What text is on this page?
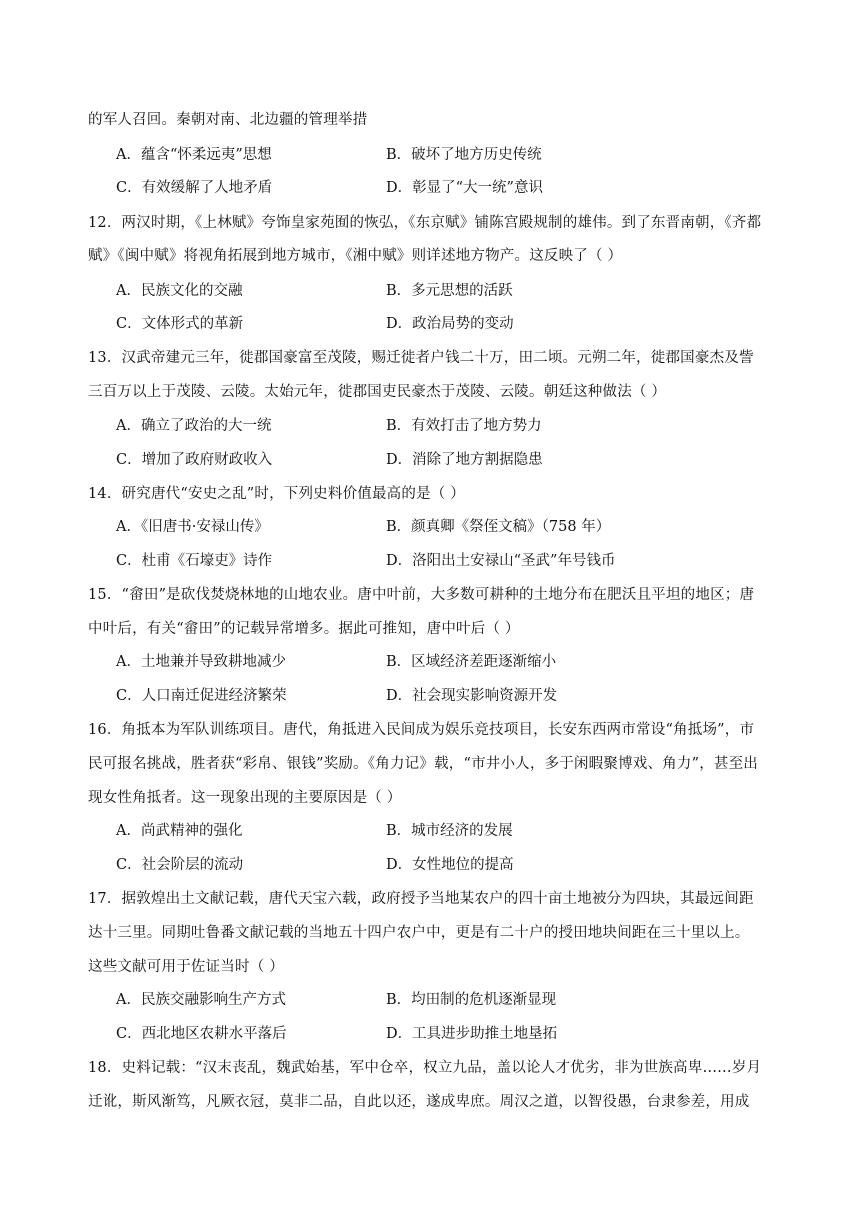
的军人召回。秦朝对南、北边疆的管理举措
A．蕴含“怀柔远夷”思想	B．破坏了地方历史传统
C．有效缓解了人地矛盾	D．彰显了“大一统”意识
12．两汉时期，《上林赋》夸饰皇家苑囿的恢弘，《东京赋》铺陈宫殿规制的雄伟。到了东晋南朝，《齐都
赋》《闽中赋》将视角拓展到地方城市，《湘中赋》则详述地方物产。这反映了（ ）
A．民族文化的交融	B．多元思想的活跃
C．文体形式的革新	D．政治局势的变动
13．汉武帝建元三年，徙郡国豪富至茂陵，赐迁徙者户钱二十万，田二顷。元朔二年，徙郡国豪杰及訾
三百万以上于茂陵、云陵。太始元年，徙郡国吏民豪杰于茂陵、云陵。朝廷这种做法（ ）
A．确立了政治的大一统	B．有效打击了地方势力
C．增加了政府财政收入	D．消除了地方割据隐患
14．研究唐代“安史之乱”时，下列史料价值最高的是（ ）
A．《旧唐书·安禄山传》	B．颜真卿《祭侄文稿》（758 年）
C．杜甫《石壕吏》诗作	D．洛阳出土安禄山“圣武”年号钱币
15．“畲田”是砍伐焚烧林地的山地农业。唐中叶前，大多数可耕种的土地分布在肥沃且平坦的地区；唐
中叶后，有关“畲田”的记载异常增多。据此可推知，唐中叶后（ ）
A．土地兼并导致耕地减少	B．区域经济差距逐渐缩小
C．人口南迁促进经济繁荣	D．社会现实影响资源开发
16．角抵本为军队训练项目。唐代，角抵进入民间成为娱乐竞技项目，长安东西两市常设“角抵场”，市
民可报名挑战，胜者获“彩帛、银钱”奖励。《角力记》载，“市井小人，多于闲暇聚博戏、角力”，甚至出
现女性角抵者。这一现象出现的主要原因是（ ）
A．尚武精神的强化	B．城市经济的发展
C．社会阶层的流动	D．女性地位的提高
17．据敦煌出土文献记载，唐代天宝六载，政府授予当地某农户的四十亩土地被分为四块，其最远间距
达十三里。同期吐鲁番文献记载的当地五十四户农户中，更是有二十户的授田地块间距在三十里以上。
这些文献可用于佐证当时（ ）
A．民族交融影响生产方式	B．均田制的危机逐渐显现
C．西北地区农耕水平落后	D．工具进步助推土地垦拓
18．史料记载：“汉末丧乱，魏武始基，军中仓卒，权立九品，盖以论人才优劣，非为世族高卑……岁月
迁讹，斯风渐笃，凡厥衣冠，莫非二品，自此以还，遂成卑庶。周汉之道，以智役愚，台隶参差，用成
